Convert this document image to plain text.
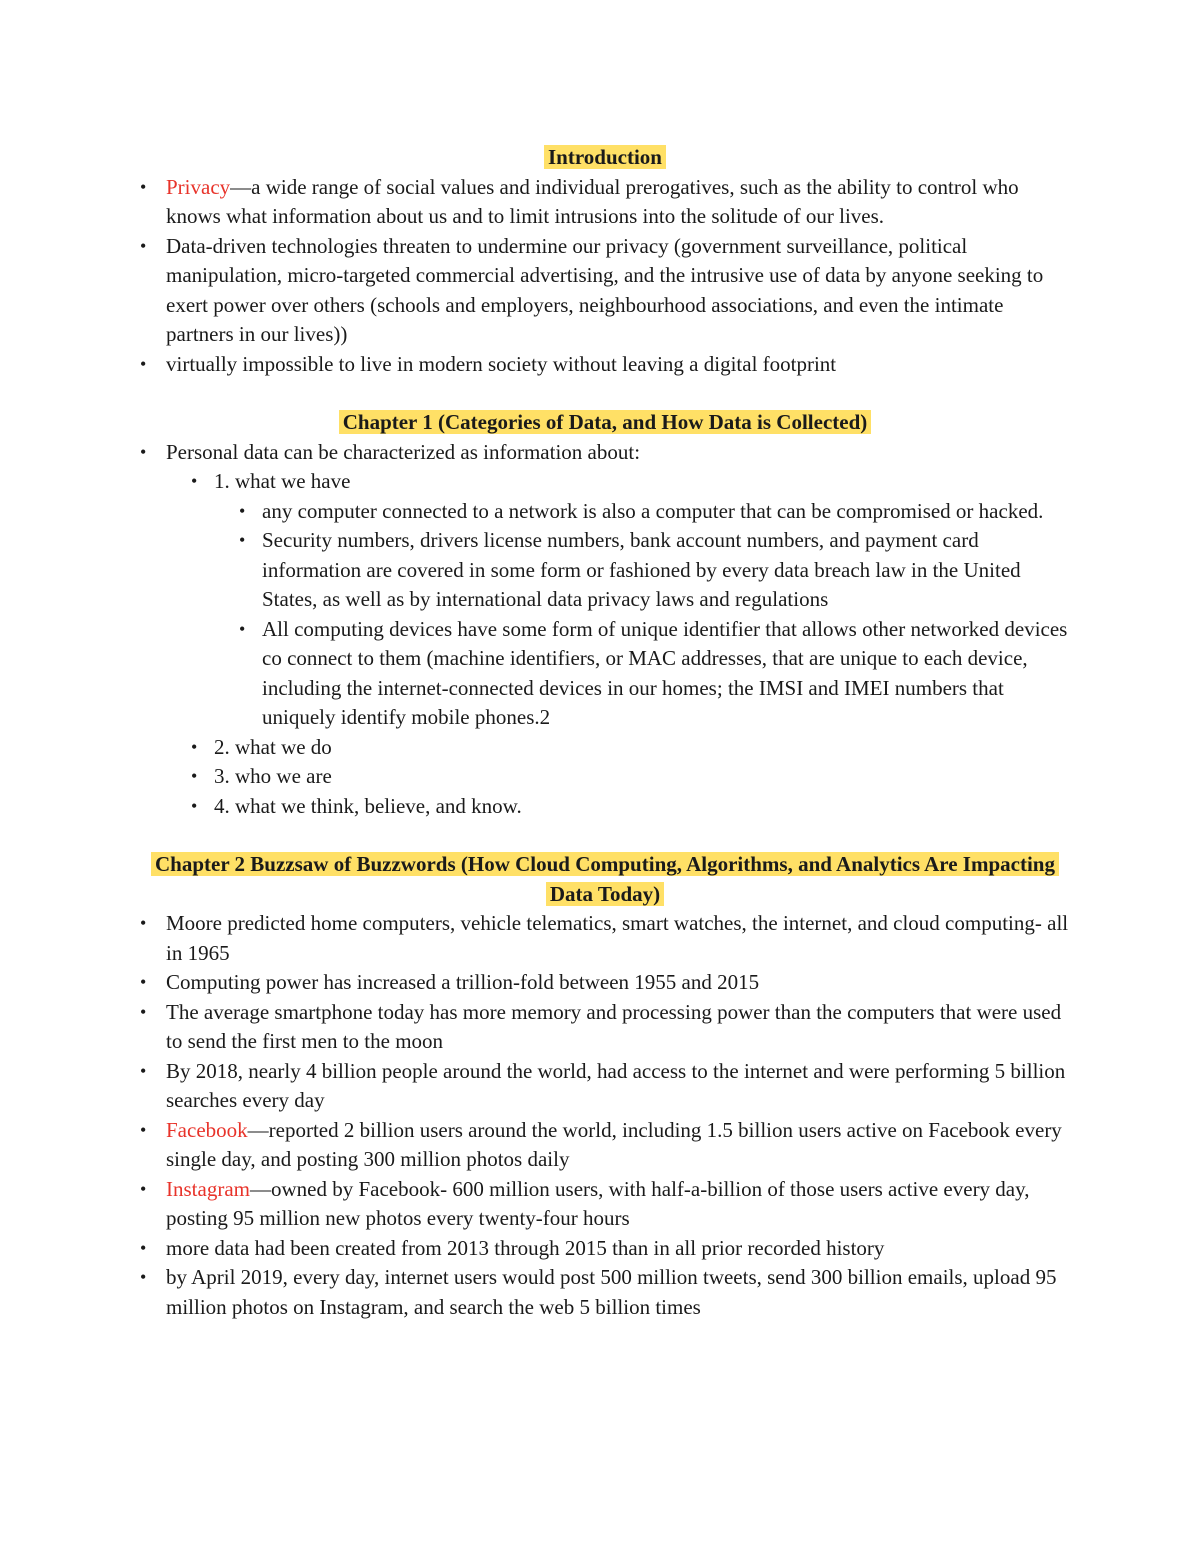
Introduction

• Privacy—a wide range of social values and individual prerogatives, such as the ability to control who knows what information about us and to limit intrusions into the solitude of our lives.
• Data-driven technologies threaten to undermine our privacy (government surveillance, political manipulation, micro-targeted commercial advertising, and the intrusive use of data by anyone seeking to exert power over others (schools and employers, neighbourhood associations, and even the intimate partners in our lives))
• virtually impossible to live in modern society without leaving a digital footprint

Chapter 1 (Categories of Data, and How Data is Collected)

• Personal data can be characterized as information about:
• 1. what we have
• any computer connected to a network is also a computer that can be compromised or hacked.
• Security numbers, drivers license numbers, bank account numbers, and payment card information are covered in some form or fashioned by every data breach law in the United States, as well as by international data privacy laws and regulations
• All computing devices have some form of unique identifier that allows other networked devices co connect to them (machine identifiers, or MAC addresses, that are unique to each device, including the internet-connected devices in our homes; the IMSI and IMEI numbers that uniquely identify mobile phones.2
• 2. what we do
• 3. who we are
• 4. what we think, believe, and know.

Chapter 2 Buzzsaw of Buzzwords (How Cloud Computing, Algorithms, and Analytics Are Impacting Data Today)

• Moore predicted home computers, vehicle telematics, smart watches, the internet, and cloud computing- all in 1965
• Computing power has increased a trillion-fold between 1955 and 2015
• The average smartphone today has more memory and processing power than the computers that were used to send the first men to the moon
• By 2018, nearly 4 billion people around the world, had access to the internet and were performing 5 billion searches every day
• Facebook—reported 2 billion users around the world, including 1.5 billion users active on Facebook every single day, and posting 300 million photos daily
• Instagram—owned by Facebook- 600 million users, with half-a-billion of those users active every day, posting 95 million new photos every twenty-four hours
• more data had been created from 2013 through 2015 than in all prior recorded history
• by April 2019, every day, internet users would post 500 million tweets, send 300 billion emails, upload 95 million photos on Instagram, and search the web 5 billion times
